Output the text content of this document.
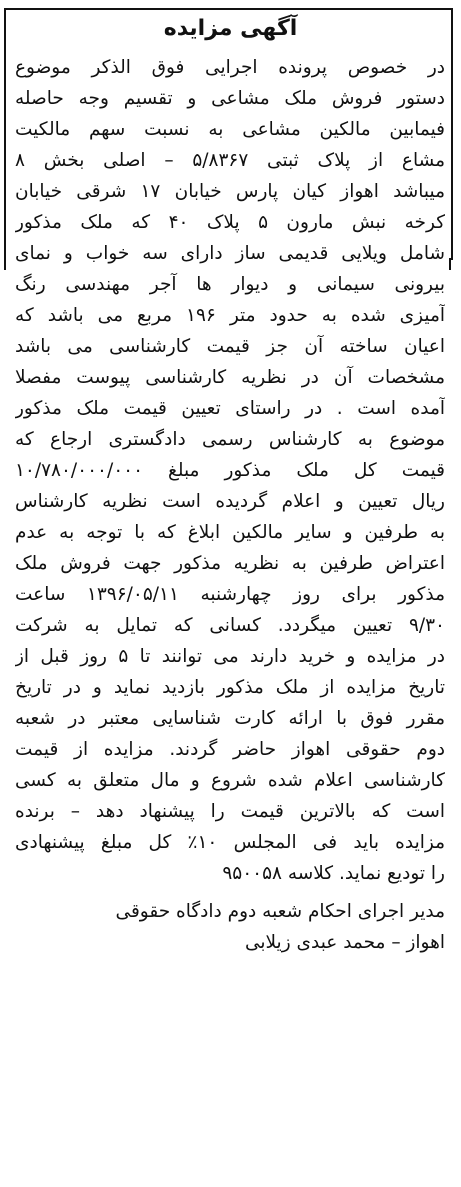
آگهی مزایده
در خصوص پرونده اجرایی فوق الذکر موضوع
دستور فروش ملک مشاعی و تقسیم وجه حاصله
فیمابین مالکین مشاعی به نسبت سهم مالکیت
مشاع از پلاک ثبتی ۵/۸۳۶۷ – اصلی بخش ۸
میباشد اهواز کیان پارس خیابان ۱۷ شرقی خیابان
کرخه نبش مارون ۵ پلاک ۴۰ که ملک مذکور
شامل ویلایی قدیمی ساز دارای سه خواب و نمای
بیرونی سیمانی و دیوار ها آجر مهندسی رنگ
آمیزی شده به حدود متر ۱۹۶ مربع می باشد که
اعیان ساخته آن جز قیمت کارشناسی می باشد
مشخصات آن در نظریه کارشناسی پیوست مفصلا
آمده است . در راستای تعیین قیمت ملک مذکور
موضوع به کارشناس رسمی دادگستری ارجاع که
قیمت کل ملک مذکور مبلغ ۱۰/۷۸۰/۰۰۰/۰۰۰
ریال تعیین و اعلام گردیده است نظریه کارشناس
به طرفین و سایر مالکین ابلاغ که با توجه به عدم
اعتراض طرفین به نظریه مذکور جهت فروش ملک
مذکور برای روز چهارشنبه ۱۳۹۶/۰۵/۱۱ ساعت
۹/۳۰ تعیین میگردد. کسانی که تمایل به شرکت
در مزایده و خرید دارند می توانند تا ۵ روز قبل از
تاریخ مزایده از ملک مذکور بازدید نماید و در تاریخ
مقرر فوق با ارائه کارت شناسایی معتبر در شعبه
دوم حقوقی اهواز حاضر گردند. مزایده از قیمت
کارشناسی اعلام شده شروع و مال متعلق به کسی
است که بالاترین قیمت را پیشنهاد دهد – برنده
مزایده باید فی المجلس ۱۰٪ کل مبلغ پیشنهادی
را تودیع نماید. کلاسه ۹۵۰۰۵۸
مدیر اجرای احکام شعبه دوم دادگاه حقوقی
اهواز – محمد عبدی زیلابی
